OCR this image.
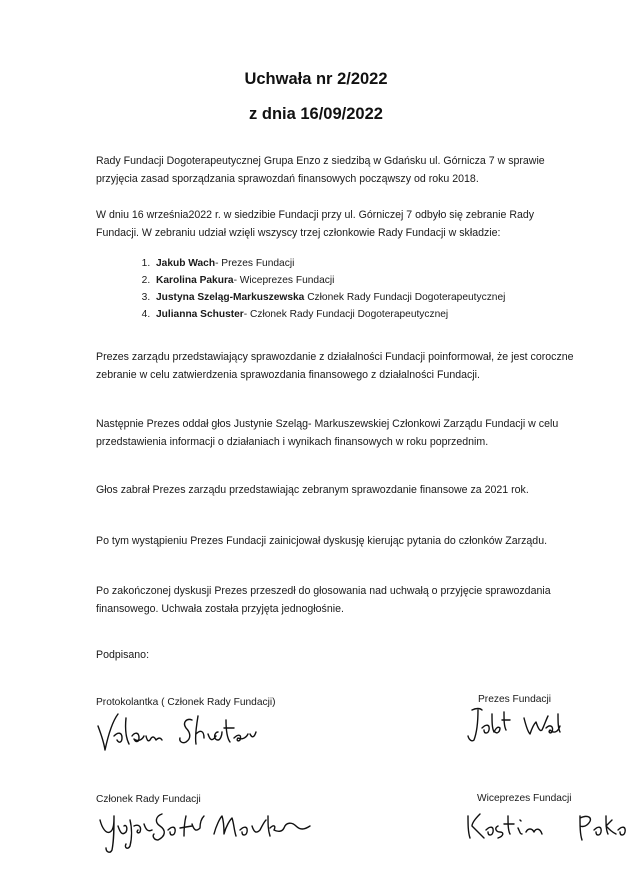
Uchwała nr 2/2022
z dnia 16/09/2022
Rady Fundacji Dogoterapeutycznej Grupa Enzo z siedzibą w Gdańsku ul. Górnicza 7 w sprawie przyjęcia zasad sporządzania sprawozdań finansowych począwszy od roku 2018.
W dniu 16 września2022 r. w siedzibie Fundacji przy ul. Górniczej 7 odbyło się zebranie Rady Fundacji. W zebraniu udział wzięli wszyscy trzej członkowie Rady Fundacji w składzie:
1. Jakub Wach- Prezes Fundacji
2. Karolina Pakura- Wiceprezes Fundacji
3. Justyna Szeląg-Markuszewska Członek Rady Fundacji Dogoterapeutycznej
4. Julianna Schuster- Członek Rady Fundacji Dogoterapeutycznej
Prezes zarządu przedstawiający sprawozdanie z działalności Fundacji poinformował, że jest coroczne zebranie w celu zatwierdzenia sprawozdania finansowego z działalności Fundacji.
Następnie Prezes oddał głos Justynie Szeląg- Markuszewskiej Członkowi Zarządu Fundacji w celu przedstawienia informacji o działaniach i wynikach finansowych w roku poprzednim.
Głos zabrał Prezes zarządu przedstawiając zebranym sprawozdanie finansowe za 2021 rok.
Po tym wystąpieniu Prezes Fundacji zainicjował dyskusję kierując pytania do członków Zarządu.
Po zakończonej dyskusji Prezes przeszedł do głosowania nad uchwałą o przyjęcie sprawozdania finansowego. Uchwała została przyjęta jednogłośnie.
Podpisano:
Protokolantka ( Członek Rady Fundacji)	Prezes Fundacji
Członek Rady Fundacji	Wiceprezes Fundacji
